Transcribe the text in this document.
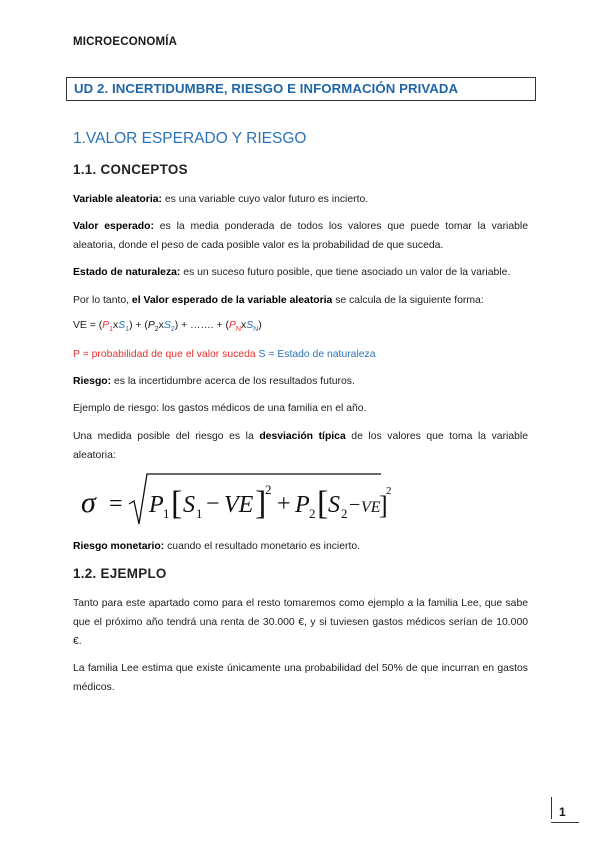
MICROECONOMÍA
UD 2. INCERTIDUMBRE, RIESGO E INFORMACIÓN PRIVADA
1.VALOR ESPERADO Y RIESGO
1.1. CONCEPTOS
Variable aleatoria: es una variable cuyo valor futuro es incierto.
Valor esperado: es la media ponderada de todos los valores que puede tomar la variable aleatoria, donde el peso de cada posible valor es la probabilidad de que suceda.
Estado de naturaleza: es un suceso futuro posible, que tiene asociado un valor de la variable.
Por lo tanto, el Valor esperado de la variable aleatoria se calcula de la siguiente forma:
VE = $(P_1xS_1) + (P_2xS_2)$ + ……. + $(P_NxS_N)$
P = probabilidad de que el valor suceda S = Estado de naturaleza
Riesgo: es la incertidumbre acerca de los resultados futuros.
Ejemplo de riesgo: los gastos médicos de una familia en el año.
Una medida posible del riesgo es la desviación típica de los valores que toma la variable aleatoria:
σ = P 1 [ S 1 − VE ]
2
+ P 2 [ S 2 − VE
]
2
Riesgo monetario: cuando el resultado monetario es incierto.
1.2. EJEMPLO
Tanto para este apartado como para el resto tomaremos como ejemplo a la familia Lee, que sabe que el próximo año tendrá una renta de 30.000 €, y si tuviesen gastos médicos serían de 10.000 €.
La familia Lee estima que existe únicamente una probabilidad del 50% de que incurran en gastos médicos.
1
